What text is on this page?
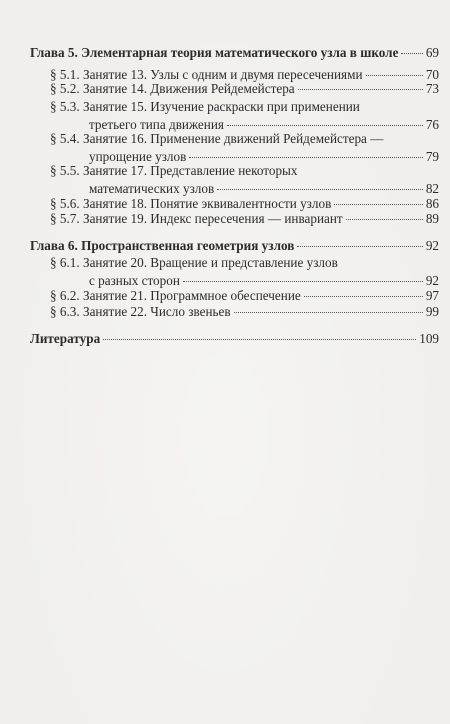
Глава 5. Элементарная теория математического узла в школе 69
§ 5.1. Занятие 13. Узлы с одним и двумя пересечениями	70
§ 5.2. Занятие 14. Движения Рейдемейстера	73
§ 5.3. Занятие 15. Изучение раскраски при применении
третьего типа движения	76
§ 5.4. Занятие 16. Применение движений Рейдемейстера —
упрощение узлов	79
§ 5.5. Занятие 17. Представление некоторых
математических узлов	82
§ 5.6. Занятие 18. Понятие эквивалентности узлов	86
§ 5.7. Занятие 19. Индекс пересечения — инвариант	89
Глава 6. Пространственная геометрия узлов	92
§ 6.1. Занятие 20. Вращение и представление узлов
с разных сторон	92
§ 6.2. Занятие 21. Программное обеспечение	97
§ 6.3. Занятие 22. Число звеньев	99
Литература	109
